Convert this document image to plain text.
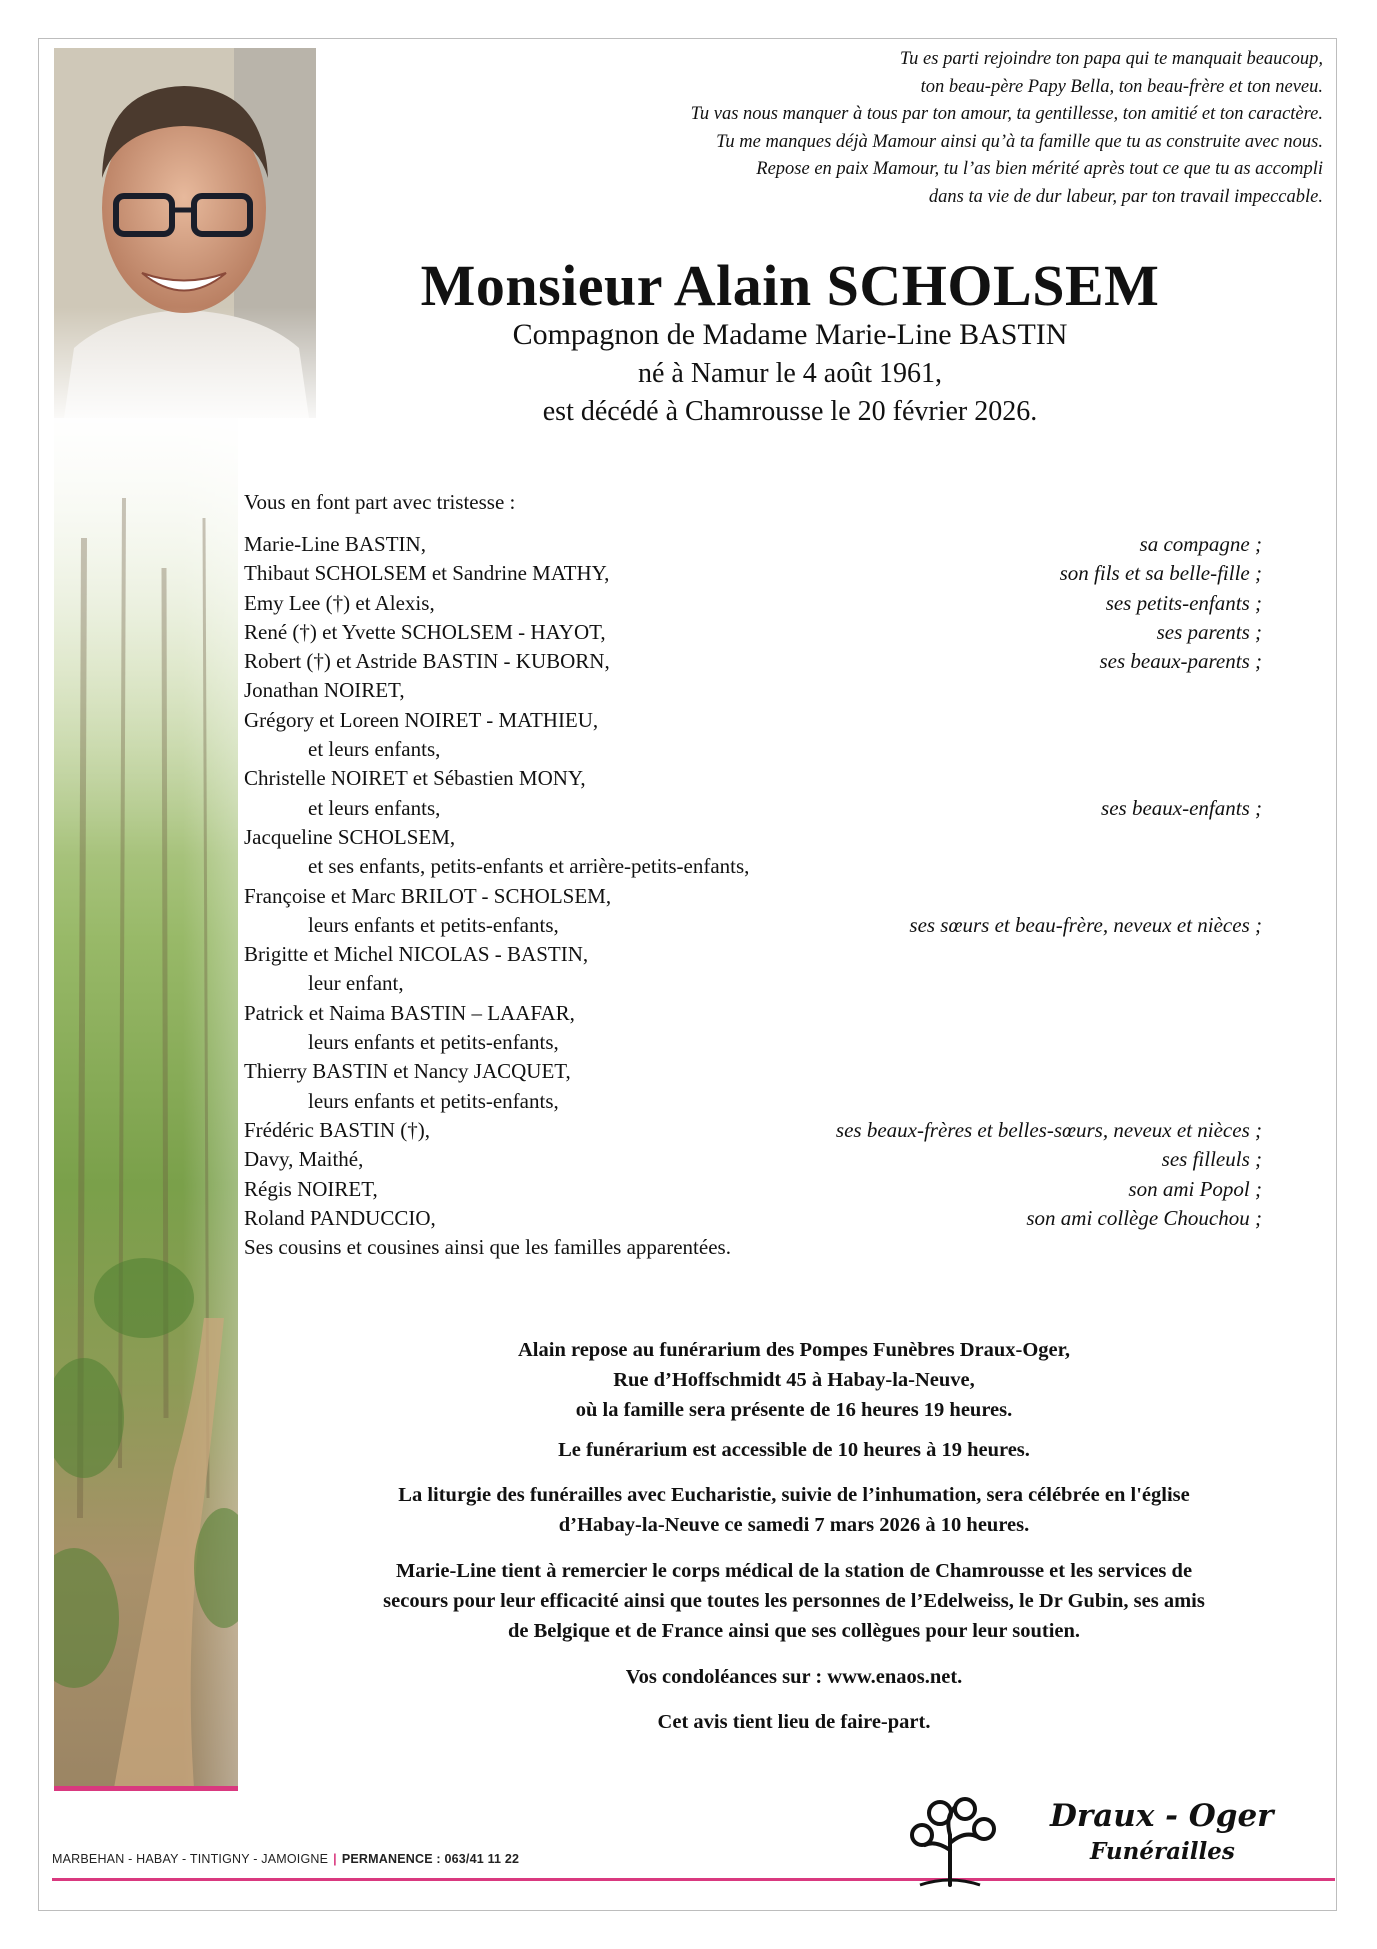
Tu es parti rejoindre ton papa qui te manquait beaucoup,
ton beau-père Papy Bella, ton beau-frère et ton neveu.
Tu vas nous manquer à tous par ton amour, ta gentillesse, ton amitié et ton caractère.
Tu me manques déjà Mamour ainsi qu’à ta famille que tu as construite avec nous.
Repose en paix Mamour, tu l’as bien mérité après tout ce que tu as accompli
dans ta vie de dur labeur, par ton travail impeccable.
Monsieur Alain SCHOLSEM
Compagnon de Madame Marie-Line BASTIN
né à Namur le 4 août 1961,
est décédé à Chamrousse le 20 février 2026.
Vous en font part avec tristesse :
Marie-Line BASTIN,	sa compagne ;
Thibaut SCHOLSEM et Sandrine MATHY,	son fils et sa belle-fille ;
Emy Lee (†) et Alexis,	ses petits-enfants ;
René (†) et Yvette SCHOLSEM - HAYOT,	ses parents ;
Robert (†) et Astride BASTIN - KUBORN,	ses beaux-parents ;
Jonathan NOIRET,
Grégory et Loreen NOIRET - MATHIEU,
et leurs enfants,
Christelle NOIRET et Sébastien MONY,
et leurs enfants,	ses beaux-enfants ;
Jacqueline SCHOLSEM,
et ses enfants, petits-enfants et arrière-petits-enfants,
Françoise et Marc BRILOT - SCHOLSEM,
leurs enfants et petits-enfants,	ses sœurs et beau-frère, neveux et nièces ;
Brigitte et Michel NICOLAS - BASTIN,
leur enfant,
Patrick et Naima BASTIN – LAAFAR,
leurs enfants et petits-enfants,
Thierry BASTIN et Nancy JACQUET,
leurs enfants et petits-enfants,
Frédéric BASTIN (†),	ses beaux-frères et belles-sœurs, neveux et nièces ;
Davy, Maithé,	ses filleuls ;
Régis NOIRET,	son ami Popol ;
Roland PANDUCCIO,	son ami collège Chouchou ;
Ses cousins et cousines ainsi que les familles apparentées.
Alain repose au funérarium des Pompes Funèbres Draux-Oger,
Rue d’Hoffschmidt 45 à Habay-la-Neuve,
où la famille sera présente de 16 heures 19 heures.
Le funérarium est accessible de 10 heures à 19 heures.
La liturgie des funérailles avec Eucharistie, suivie de l’inhumation, sera célébrée en l'église
d’Habay-la-Neuve ce samedi 7 mars 2026 à 10 heures.
Marie-Line tient à remercier le corps médical de la station de Chamrousse et les services de
secours pour leur efficacité ainsi que toutes les personnes de l’Edelweiss, le Dr Gubin, ses amis
de Belgique et de France ainsi que ses collègues pour leur soutien.
Vos condoléances sur : www.enaos.net.
Cet avis tient lieu de faire-part.
MARBEHAN - HABAY - TINTIGNY - JAMOIGNE | PERMANENCE : 063/41 11 22
Draux - Oger
Funérailles
